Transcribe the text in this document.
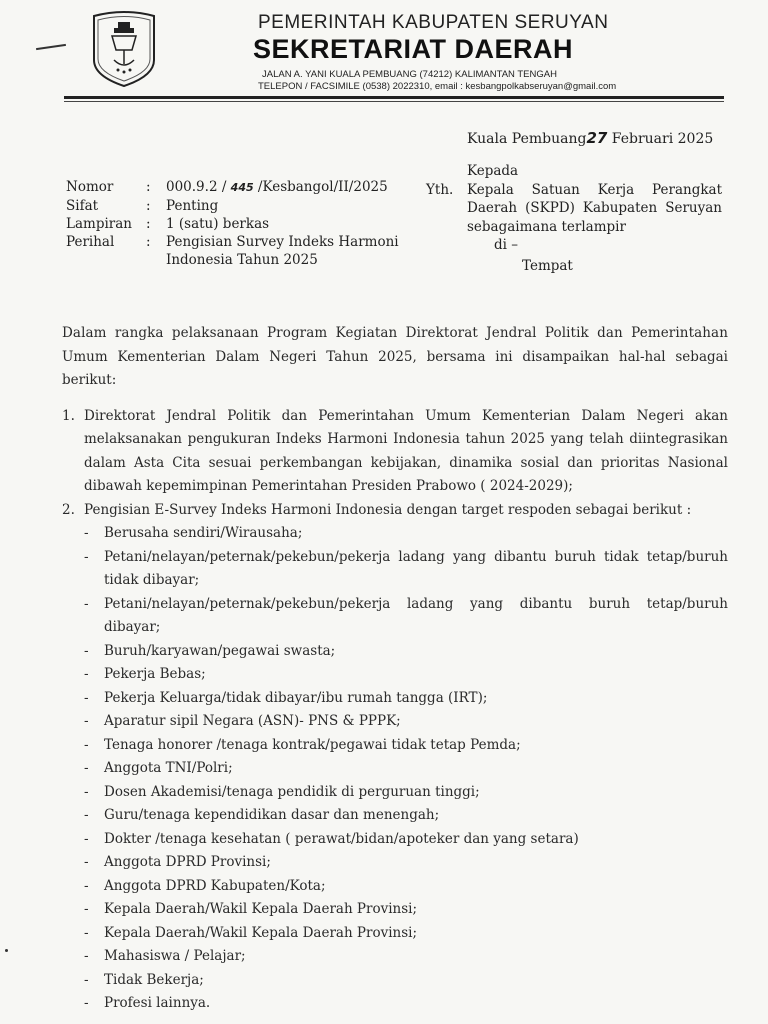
PEMERINTAH KABUPATEN SERUYAN
SEKRETARIAT DAERAH
JALAN A. YANI KUALA PEMBUANG (74212) KALIMANTAN TENGAH
TELEPON / FACSIMILE (0538) 2022310, email : kesbangpolkabseruyan@gmail.com
Kuala Pembuang27 Februari 2025
Nomor	:	000.9.2 / 445 /Kesbangol/II/2025
Sifat	:	Penting
Lampiran	:	1 (satu) berkas
Perihal	:	Pengisian Survey Indeks Harmoni
Indonesia Tahun 2025
Yth.
Kepada
Kepala Satuan Kerja Perangkat
Daerah (SKPD) Kabupaten Seruyan
sebagaimana terlampir
di –
Tempat
Dalam rangka pelaksanaan Program Kegiatan Direktorat Jendral Politik dan Pemerintahan
Umum Kementerian Dalam Negeri Tahun 2025, bersama ini disampaikan hal-hal sebagai berikut:
1. Direktorat Jendral Politik dan Pemerintahan Umum Kementerian Dalam Negeri akan
melaksanakan pengukuran Indeks Harmoni Indonesia tahun 2025 yang telah diintegrasikan
dalam Asta Cita sesuai perkembangan kebijakan, dinamika sosial dan prioritas Nasional
dibawah kepemimpinan Pemerintahan Presiden Prabowo ( 2024-2029);
2. Pengisian E-Survey Indeks Harmoni Indonesia dengan target respoden sebagai berikut :
-	Berusaha sendiri/Wirausaha;
-	Petani/nelayan/peternak/pekebun/pekerja ladang yang dibantu buruh tidak tetap/buruh
tidak dibayar;
-	Petani/nelayan/peternak/pekebun/pekerja ladang yang dibantu buruh tetap/buruh
dibayar;
-	Buruh/karyawan/pegawai swasta;
-	Pekerja Bebas;
-	Pekerja Keluarga/tidak dibayar/ibu rumah tangga (IRT);
-	Aparatur sipil Negara (ASN)- PNS & PPPK;
-	Tenaga honorer /tenaga kontrak/pegawai tidak tetap Pemda;
-	Anggota TNI/Polri;
-	Dosen Akademisi/tenaga pendidik di perguruan tinggi;
-	Guru/tenaga kependidikan dasar dan menengah;
-	Dokter /tenaga kesehatan ( perawat/bidan/apoteker dan yang setara)
-	Anggota DPRD Provinsi;
-	Anggota DPRD Kabupaten/Kota;
-	Kepala Daerah/Wakil Kepala Daerah Provinsi;
-	Kepala Daerah/Wakil Kepala Daerah Provinsi;
-	Mahasiswa / Pelajar;
-	Tidak Bekerja;
-	Profesi lainnya.
